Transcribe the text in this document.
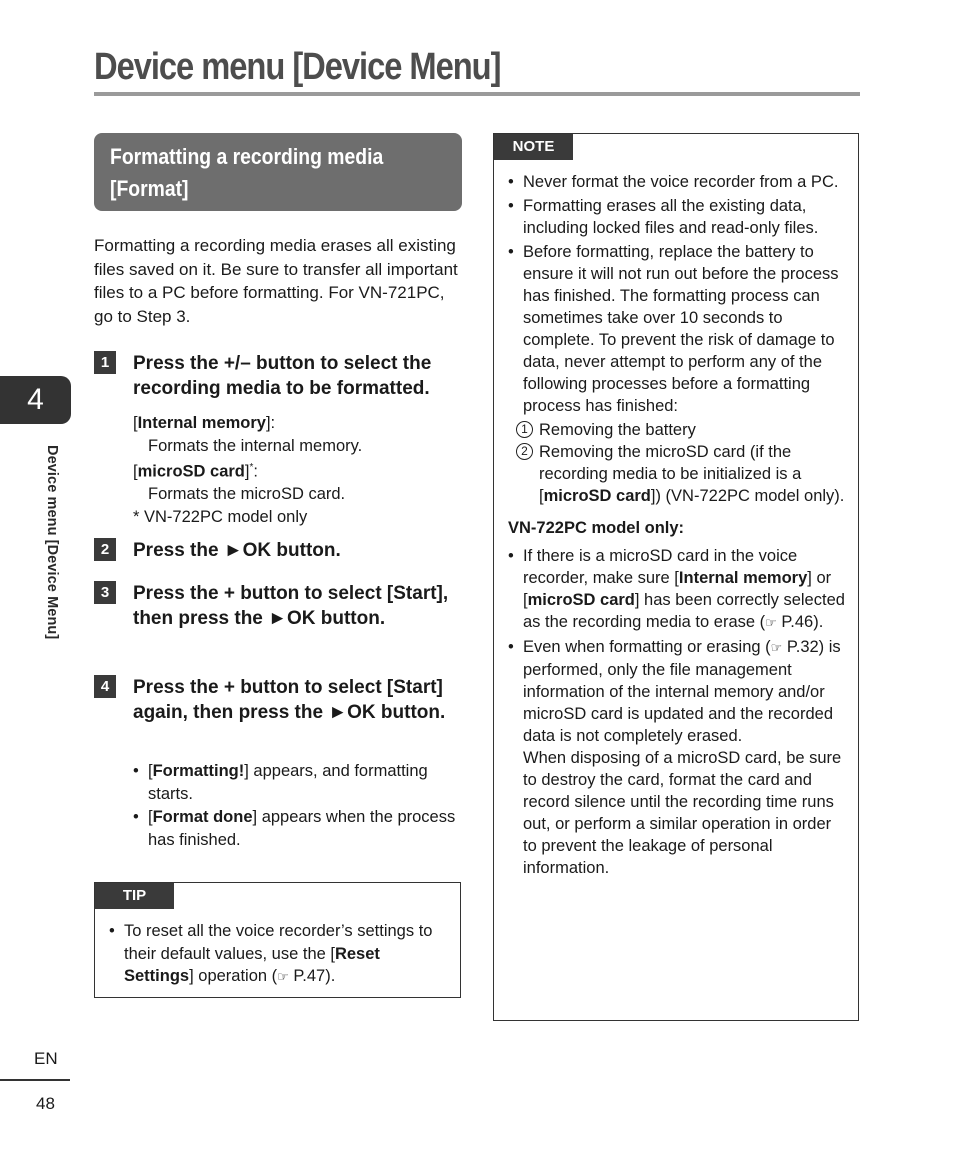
Device menu [Device Menu]
4
Device menu [Device Menu]
EN
48
Formatting a recording media
[Format]
Formatting a recording media erases all existing files saved on it. Be sure to transfer all important files to a PC before formatting. For VN-721PC, go to Step 3.
1	Press the +/– button to select the recording media to be formatted.
[Internal memory]:
Formats the internal memory.
[microSD card]*:
Formats the microSD card.
* VN-722PC model only
2	Press the ►OK button.
3	Press the + button to select [Start], then press the ►OK button.
4	Press the + button to select [Start] again, then press the ►OK button.
• [Formatting!] appears, and formatting starts.
• [Format done] appears when the process has finished.
TIP
• To reset all the voice recorder’s settings to their default values, use the [Reset Settings] operation (☞ P.47).
NOTE
• Never format the voice recorder from a PC.
• Formatting erases all the existing data, including locked files and read-only files.
• Before formatting, replace the battery to ensure it will not run out before the process has finished. The formatting process can sometimes take over 10 seconds to complete. To prevent the risk of damage to data, never attempt to perform any of the following processes before a formatting process has finished:
1 Removing the battery
2 Removing the microSD card (if the recording media to be initialized is a [microSD card]) (VN-722PC model only).
VN-722PC model only:
• If there is a microSD card in the voice recorder, make sure [Internal memory] or [microSD card] has been correctly selected as the recording media to erase (☞ P.46).
• Even when formatting or erasing (☞ P.32) is performed, only the file management information of the internal memory and/or microSD card is updated and the recorded data is not completely erased.
When disposing of a microSD card, be sure to destroy the card, format the card and record silence until the recording time runs out, or perform a similar operation in order to prevent the leakage of personal information.
